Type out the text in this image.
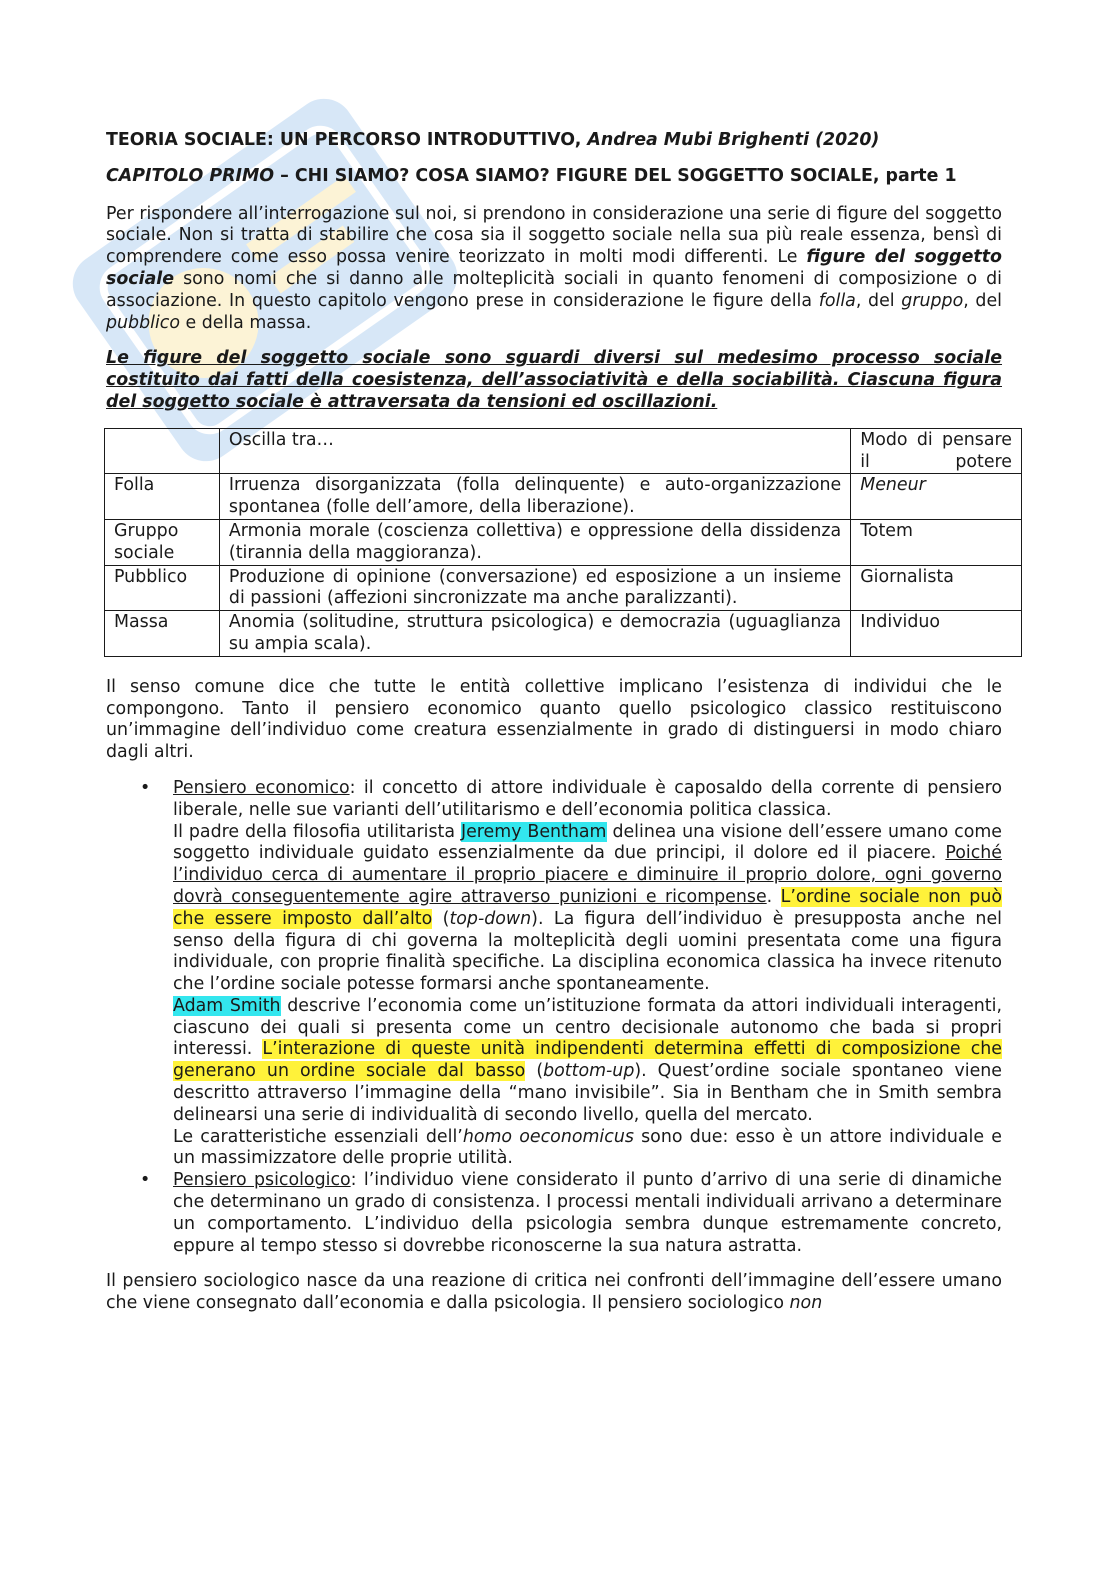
TEORIA SOCIALE: UN PERCORSO INTRODUTTIVO, Andrea Mubi Brighenti (2020)

CAPITOLO PRIMO – CHI SIAMO? COSA SIAMO? FIGURE DEL SOGGETTO SOCIALE, parte 1

Per rispondere all’interrogazione sul noi, si prendono in considerazione una serie di figure del soggetto sociale. Non si tratta di stabilire che cosa sia il soggetto sociale nella sua più reale essenza, bensì di comprendere come esso possa venire teorizzato in molti modi differenti. Le figure del soggetto sociale sono nomi che si danno alle molteplicità sociali in quanto fenomeni di composizione o di associazione. In questo capitolo vengono prese in considerazione le figure della folla, del gruppo, del pubblico e della massa.

Le figure del soggetto sociale sono sguardi diversi sul medesimo processo sociale costituito dai fatti della coesistenza, dell’associatività e della sociabilità. Ciascuna figura del soggetto sociale è attraversata da tensioni ed oscillazioni.

	Oscilla tra…	Modo di pensare il potere
Folla	Irruenza disorganizzata (folla delinquente) e auto-organizzazione spontanea (folle dell’amore, della liberazione).	Meneur
Gruppo sociale	Armonia morale (coscienza collettiva) e oppressione della dissidenza (tirannia della maggioranza).	Totem
Pubblico	Produzione di opinione (conversazione) ed esposizione a un insieme di passioni (affezioni sincronizzate ma anche paralizzanti).	Giornalista
Massa	Anomia (solitudine, struttura psicologica) e democrazia (uguaglianza su ampia scala).	Individuo

Il senso comune dice che tutte le entità collettive implicano l’esistenza di individui che le compongono. Tanto il pensiero economico quanto quello psicologico classico restituiscono un’immagine dell’individuo come creatura essenzialmente in grado di distinguersi in modo chiaro dagli altri.

• Pensiero economico: il concetto di attore individuale è caposaldo della corrente di pensiero liberale, nelle sue varianti dell’utilitarismo e dell’economia politica classica.
Il padre della filosofia utilitarista Jeremy Bentham delinea una visione dell’essere umano come soggetto individuale guidato essenzialmente da due principi, il dolore ed il piacere. Poiché l’individuo cerca di aumentare il proprio piacere e diminuire il proprio dolore, ogni governo dovrà conseguentemente agire attraverso punizioni e ricompense. L’ordine sociale non può che essere imposto dall’alto (top-down). La figura dell’individuo è presupposta anche nel senso della figura di chi governa la molteplicità degli uomini presentata come una figura individuale, con proprie finalità specifiche. La disciplina economica classica ha invece ritenuto che l’ordine sociale potesse formarsi anche spontaneamente.
Adam Smith descrive l’economia come un’istituzione formata da attori individuali interagenti, ciascuno dei quali si presenta come un centro decisionale autonomo che bada si propri interessi. L’interazione di queste unità indipendenti determina effetti di composizione che generano un ordine sociale dal basso (bottom-up). Quest’ordine sociale spontaneo viene descritto attraverso l’immagine della “mano invisibile”. Sia in Bentham che in Smith sembra delinearsi una serie di individualità di secondo livello, quella del mercato.
Le caratteristiche essenziali dell’homo oeconomicus sono due: esso è un attore individuale e un massimizzatore delle proprie utilità.
• Pensiero psicologico: l’individuo viene considerato il punto d’arrivo di una serie di dinamiche che determinano un grado di consistenza. I processi mentali individuali arrivano a determinare un comportamento. L’individuo della psicologia sembra dunque estremamente concreto, eppure al tempo stesso si dovrebbe riconoscerne la sua natura astratta.

Il pensiero sociologico nasce da una reazione di critica nei confronti dell’immagine dell’essere umano che viene consegnato dall’economia e dalla psicologia. Il pensiero sociologico non
